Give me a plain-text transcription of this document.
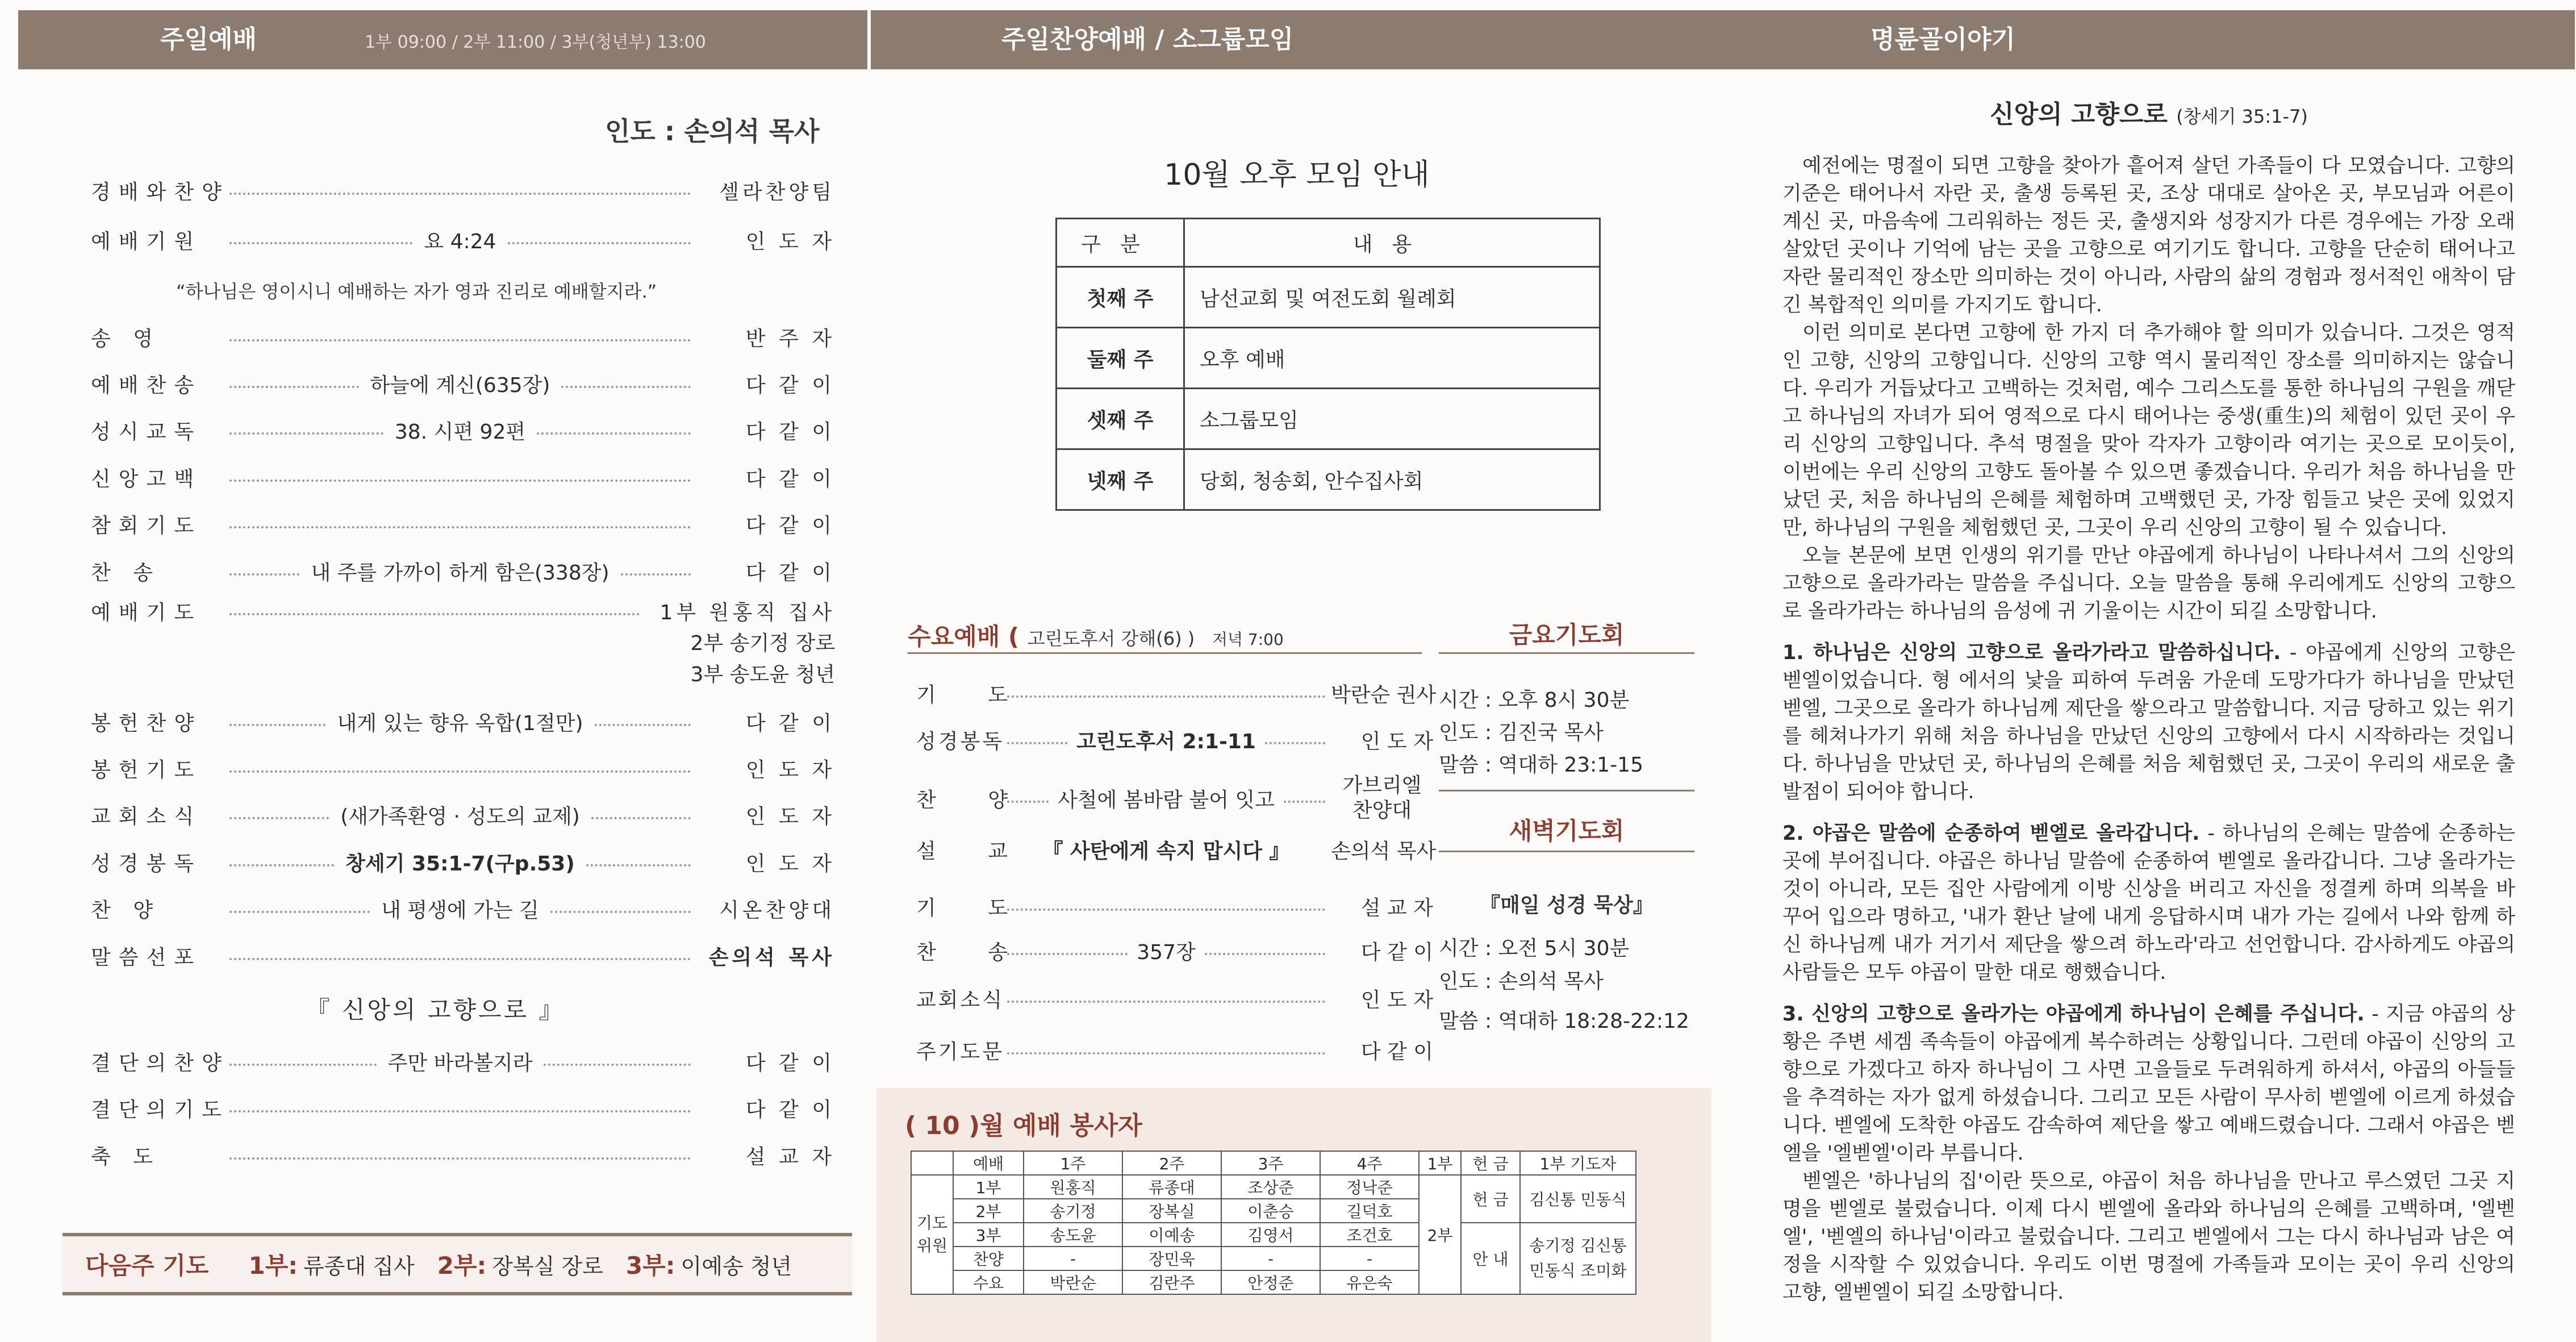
주일예배	1부 09:00 / 2부 11:00 / 3부(청년부) 13:00
인도 : 손의석 목사
경배와찬양	셀라찬양팀
예배기원	요 4:24	인 도 자
“하나님은 영이시니 예배하는 자가 영과 진리로 예배할지라.”
송 영	반 주 자
예배찬송	하늘에 계신(635장)	다 같 이
성시교독	38. 시편 92편	다 같 이
신앙고백	다 같 이
참회기도	다 같 이
찬 송	내 주를 가까이 하게 함은(338장)	다 같 이
예배기도	1부 원홍직 집사
2부 송기정 장로
3부 송도윤 청년
봉헌찬양	내게 있는 향유 옥합(1절만)	다 같 이
봉헌기도	인 도 자
교회소식	(새가족환영 · 성도의 교제)	인 도 자
성경봉독	창세기 35:1-7(구p.53)	인 도 자
찬 양	내 평생에 가는 길	시온찬양대
말씀선포	손의석 목사
『 신앙의 고향으로 』
결단의찬양	주만 바라볼지라	다 같 이
결단의기도	다 같 이
축 도	설 교 자
다음주 기도 1부: 류종대 집사 2부: 장복실 장로 3부: 이예송 청년
주일찬양예배 / 소그룹모임
10월 오후 모임 안내
구분	내용
첫째 주	남선교회 및 여전도회 월례회
둘째 주	오후 예배
셋째 주	소그룹모임
넷째 주	당회, 청송회, 안수집사회
수요예배 ( 고린도후서 강해(6) ) 저녁 7:00
기 도	박란순 권사
성경봉독	고린도후서 2:1-11	인 도 자
찬 양 사철에 봄바람 불어 잇고
가브리엘 찬양대
설 교 『 사탄에게 속지 맙시다 』	손의석 목사
기 도	설 교 자
찬 송	357장	다 같 이
교회소식	인 도 자
주기도문	다 같 이
금요기도회
시간 : 오후 8시 30분
인도 : 김진국 목사
말씀 : 역대하 23:1-15
새벽기도회
『매일 성경 묵상』
시간 : 오전 5시 30분
인도 : 손의석 목사
말씀 : 역대하 18:28-22:12
( 10 )월 예배 봉사자
	예배	1주	2주	3주	4주	1부	헌 금	1부 기도자
기도 위원	1부	원홍직	류종대	조상준	정낙준	2부	헌 금	김신통 민동식
	2부	송기정	장복실	이춘승	길덕호			
	3부	송도윤	이예송	김영서	조건호		안 내	송기정 김신통 민동식 조미화
	찬양	-	장민욱	-	-			
	수요	박란순	김란주	안정준	유은숙			
명륜골이야기
신앙의 고향으로 (창세기 35:1-7)

예전에는 명절이 되면 고향을 찾아가 흩어져 살던 가족들이 다 모였습니다. 고향의 기준은 태어나서 자란 곳, 출생 등록된 곳, 조상 대대로 살아온 곳, 부모님과 어른이 계신 곳, 마음속에 그리워하는 정든 곳, 출생지와 성장지가 다른 경우에는 가장 오래 살았던 곳이나 기억에 남는 곳을 고향으로 여기기도 합니다. 고향을 단순히 태어나고 자란 물리적인 장소만 의미하는 것이 아니라, 사람의 삶의 경험과 정서적인 애착이 담긴 복합적인 의미를 가지기도 합니다.

이런 의미로 본다면 고향에 한 가지 더 추가해야 할 의미가 있습니다. 그것은 영적인 고향, 신앙의 고향입니다. 신앙의 고향 역시 물리적인 장소를 의미하지는 않습니다. 우리가 거듭났다고 고백하는 것처럼, 예수 그리스도를 통한 하나님의 구원을 깨닫고 하나님의 자녀가 되어 영적으로 다시 태어나는 중생(重生)의 체험이 있던 곳이 우리 신앙의 고향입니다. 추석 명절을 맞아 각자가 고향이라 여기는 곳으로 모이듯이, 이번에는 우리 신앙의 고향도 돌아볼 수 있으면 좋겠습니다. 우리가 처음 하나님을 만났던 곳, 처음 하나님의 은혜를 체험하며 고백했던 곳, 가장 힘들고 낮은 곳에 있었지만, 하나님의 구원을 체험했던 곳, 그곳이 우리 신앙의 고향이 될 수 있습니다.

오늘 본문에 보면 인생의 위기를 만난 야곱에게 하나님이 나타나셔서 그의 신앙의 고향으로 올라가라는 말씀을 주십니다. 오늘 말씀을 통해 우리에게도 신앙의 고향으로 올라가라는 하나님의 음성에 귀 기울이는 시간이 되길 소망합니다.

1. 하나님은 신앙의 고향으로 올라가라고 말씀하십니다. - 야곱에게 신앙의 고향은 벧엘이었습니다. 형 에서의 낯을 피하여 두려움 가운데 도망가다가 하나님을 만났던 벧엘, 그곳으로 올라가 하나님께 제단을 쌓으라고 말씀합니다. 지금 당하고 있는 위기를 헤쳐나가기 위해 처음 하나님을 만났던 신앙의 고향에서 다시 시작하라는 것입니다. 하나님을 만났던 곳, 하나님의 은혜를 처음 체험했던 곳, 그곳이 우리의 새로운 출발점이 되어야 합니다.

2. 야곱은 말씀에 순종하여 벧엘로 올라갑니다. - 하나님의 은혜는 말씀에 순종하는 곳에 부어집니다. 야곱은 하나님 말씀에 순종하여 벧엘로 올라갑니다. 그냥 올라가는 것이 아니라, 모든 집안 사람에게 이방 신상을 버리고 자신을 정결케 하며 의복을 바꾸어 입으라 명하고, '내가 환난 날에 내게 응답하시며 내가 가는 길에서 나와 함께 하신 하나님께 내가 거기서 제단을 쌓으려 하노라'라고 선언합니다. 감사하게도 야곱의 사람들은 모두 야곱이 말한 대로 행했습니다.

3. 신앙의 고향으로 올라가는 야곱에게 하나님이 은혜를 주십니다. - 지금 야곱의 상황은 주변 세겜 족속들이 야곱에게 복수하려는 상황입니다. 그런데 야곱이 신앙의 고향으로 가겠다고 하자 하나님이 그 사면 고을들로 두려워하게 하셔서, 야곱의 아들들을 추격하는 자가 없게 하셨습니다. 그리고 모든 사람이 무사히 벧엘에 이르게 하셨습니다. 벧엘에 도착한 야곱도 감속하여 제단을 쌓고 예배드렸습니다. 그래서 야곱은 벧엘을 '엘벧엘'이라 부릅니다.

벧엘은 '하나님의 집'이란 뜻으로, 야곱이 처음 하나님을 만나고 루스였던 그곳 지명을 벧엘로 불렀습니다. 이제 다시 벧엘에 올라와 하나님의 은혜를 고백하며, '엘벧엘', '벧엘의 하나님'이라고 불렀습니다. 그리고 벧엘에서 그는 다시 하나님과 남은 여정을 시작할 수 있었습니다. 우리도 이번 명절에 가족들과 모이는 곳이 우리 신앙의 고향, 엘벧엘이 되길 소망합니다.
